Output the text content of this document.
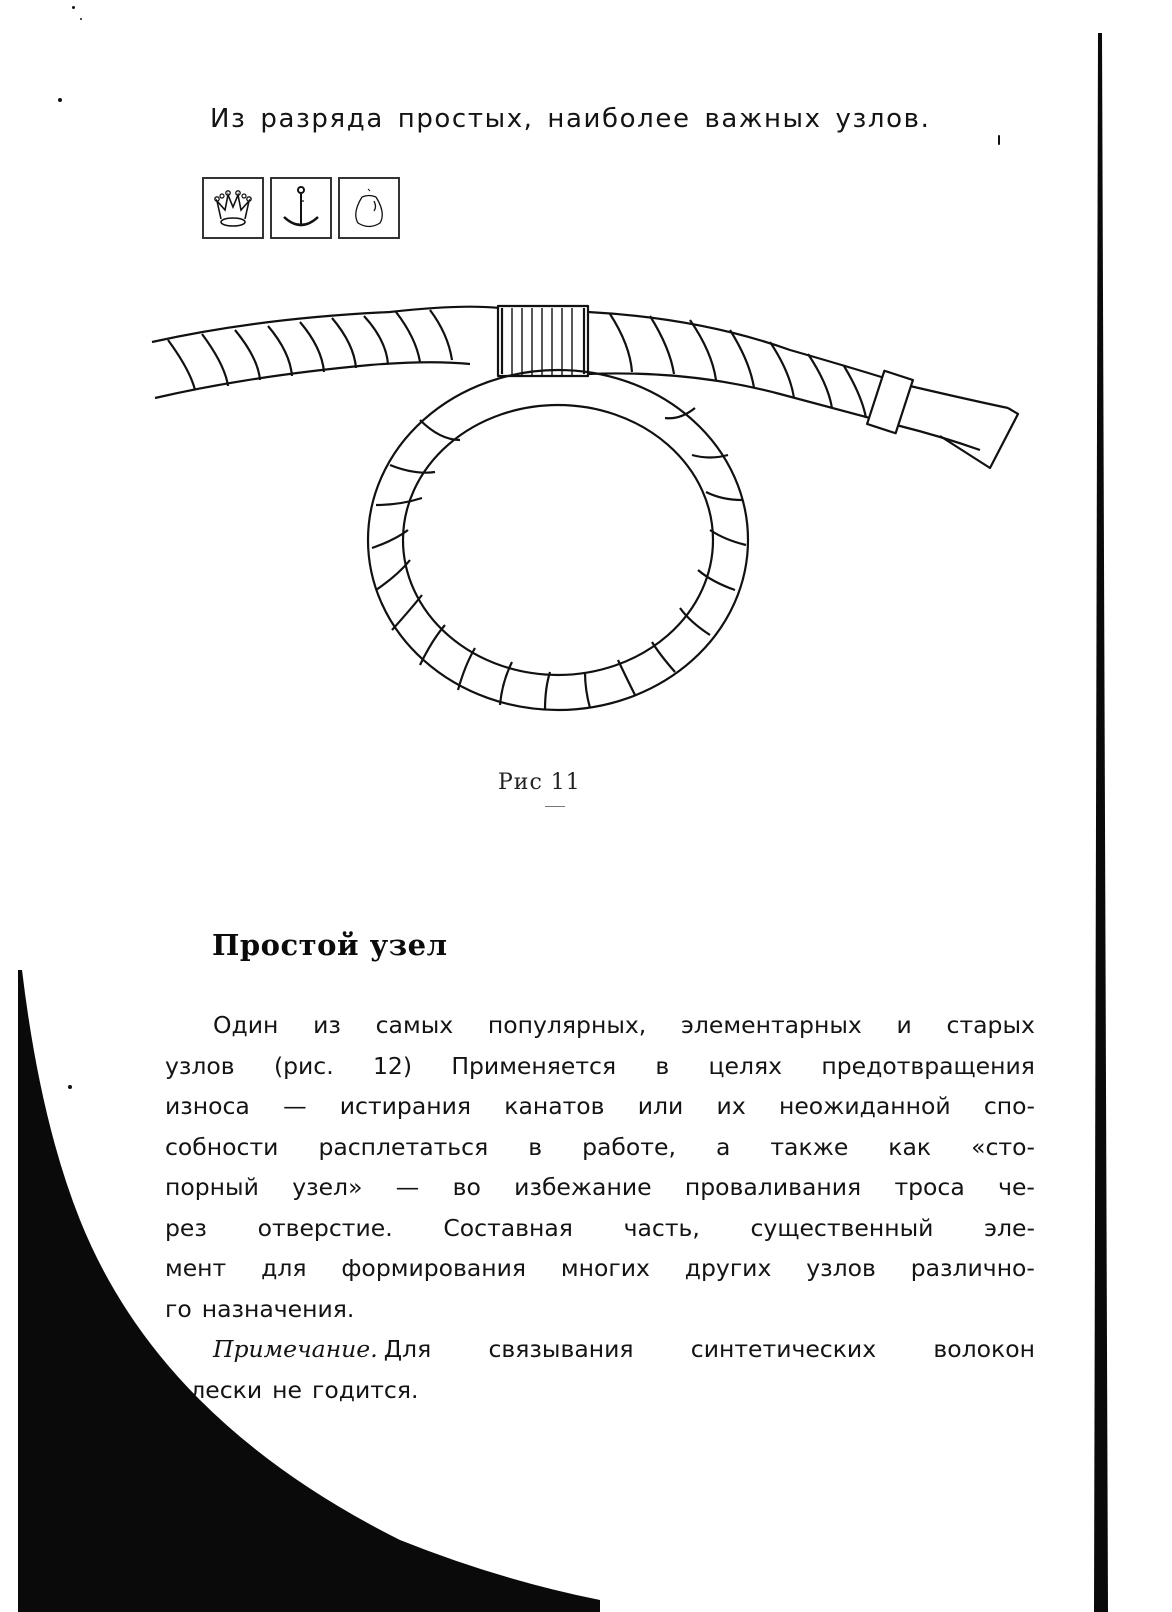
Из разряда простых, наиболее важных узлов.
Рис 11
Простой узел
Один из самых популярных, элементарных и старых
узлов (рис. 12) Применяется в целях предотвращения
износа — истирания канатов или их неожиданной спо-
собности расплетаться в работе, а также как «сто-
порный узел» — во избежание проваливания троса че-
рез отверстие. Составная часть, существенный эле-
мент для формирования многих других узлов различно-
го назначения.
Примечание. Для связывания синтетических волокон
лески не годится.
